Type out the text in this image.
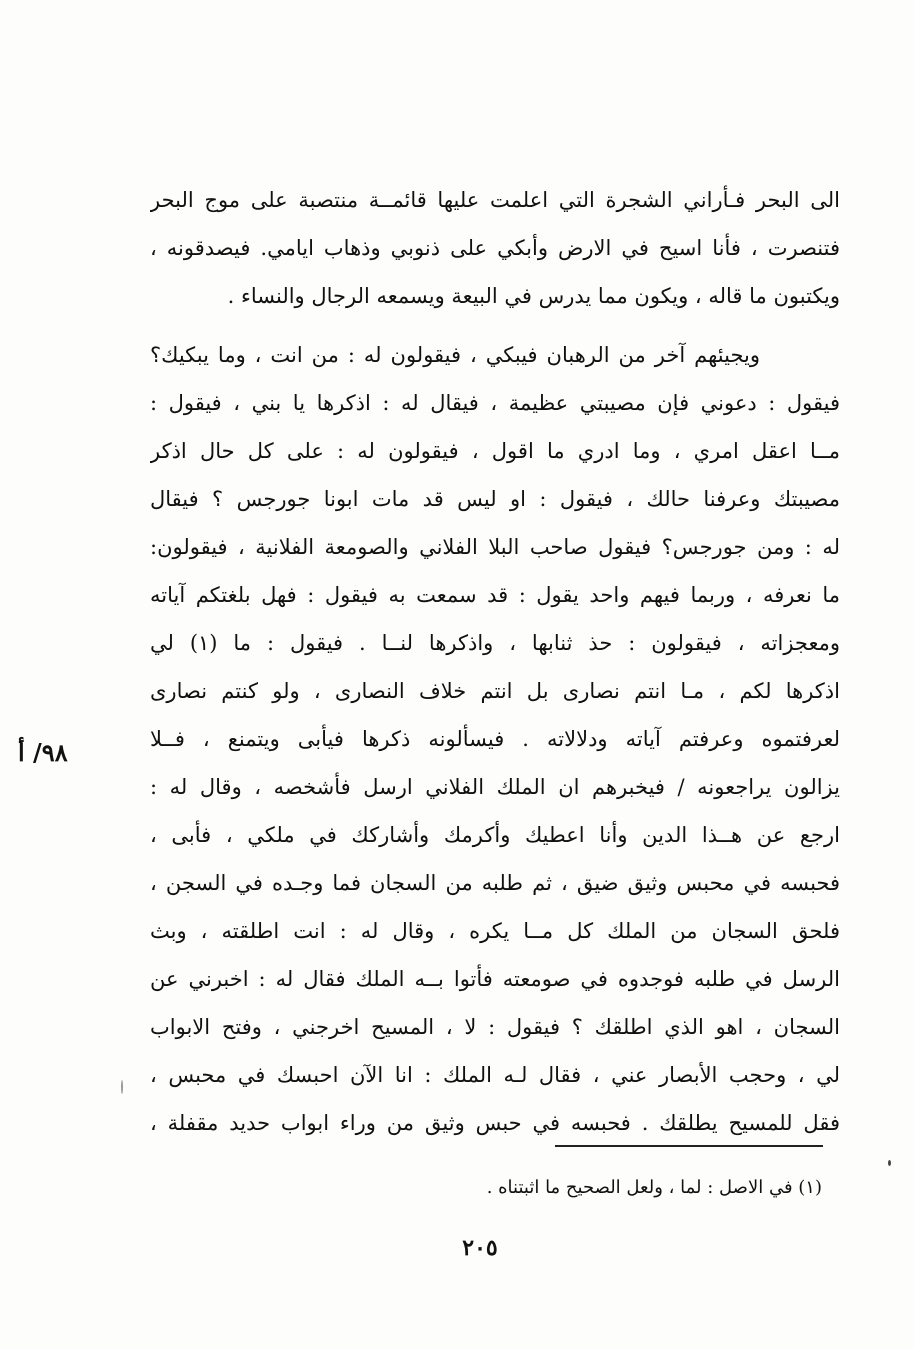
الى البحر فـأراني الشجرة التي اعلمت عليها قائمــة منتصبة على موج البحر
فتنصرت ، فأنا اسيح في الارض وأبكي على ذنوبي وذهاب ايامي. فيصدقونه ،
ويكتبون ما قاله ، ويكون مما يدرس في البيعة ويسمعه الرجال والنساء .
ويجيئهم آخر من الرهبان فيبكي ، فيقولون له : من انت ، وما يبكيك؟
فيقول : دعوني فإن مصيبتي عظيمة ، فيقال له : اذكرها يا بني ، فيقول :
مــا اعقل امري ، وما ادري ما اقول ، فيقولون له : على كل حال اذكر
مصيبتك وعرفنا حالك ، فيقول : او ليس قد مات ابونا جورجس ؟ فيقال
له : ومن جورجس؟ فيقول صاحب البلا الفلاني والصومعة الفلانية ، فيقولون:
ما نعرفه ، وربما فيهم واحد يقول : قد سمعت به فيقول : فهل بلغتكم آياته
ومعجزاته ، فيقولون : حذ ثنابها ، واذكرها لنــا . فيقول : ما (١) لي
اذكرها لكم ، مـا انتم نصارى بل انتم خلاف النصارى ، ولو كنتم نصارى
لعرفتموه وعرفتم آياته ودلالاته . فيسألونه ذكرها فيأبى ويتمنع ، فــلا
يزالون يراجعونه / فيخبرهم ان الملك الفلاني ارسل فأشخصه ، وقال له :
ارجع عن هــذا الدين وأنا اعطيك وأكرمك وأشاركك في ملكي ، فأبى ،
فحبسه في محبس وثيق ضيق ، ثم طلبه من السجان فما وجـده في السجن ،
فلحق السجان من الملك كل مــا يكره ، وقال له : انت اطلقته ، وبث
الرسل في طلبه فوجدوه في صومعته فأتوا بــه الملك فقال له : اخبرني عن
السجان ، اهو الذي اطلقك ؟ فيقول : لا ، المسيح اخرجني ، وفتح الابواب
لي ، وحجب الأبصار عني ، فقال لـه الملك : انا الآن احبسك في محبس ،
فقل للمسيح يطلقك . فحبسه في حبس وثيق من وراء ابواب حديد مقفلة ،
٩٨/ أ
(١) في الاصل : لما ، ولعل الصحيح ما اثبتناه .
٢٠٥
